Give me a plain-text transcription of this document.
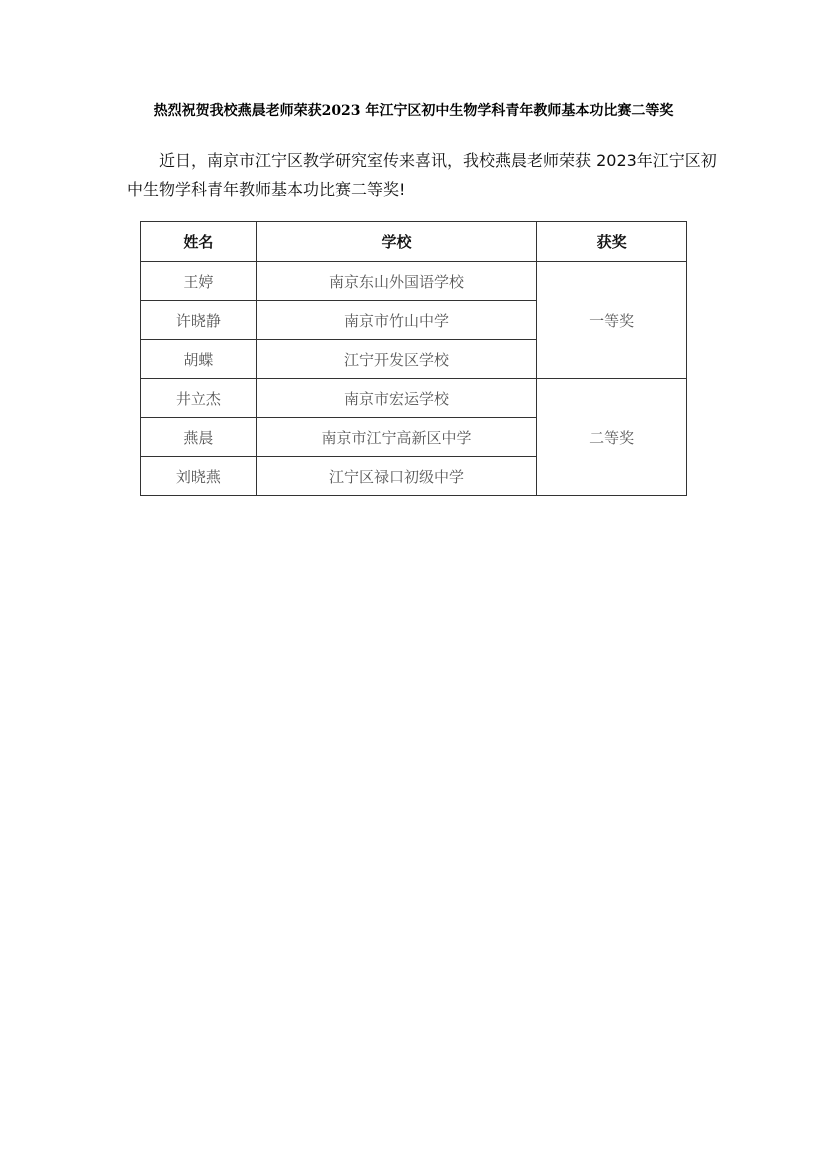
热烈祝贺我校燕晨老师荣获2023 年江宁区初中生物学科青年教师基本功比赛二等奖
近日，南京市江宁区教学研究室传来喜讯，我校燕晨老师荣获 2023年江宁区初中生物学科青年教师基本功比赛二等奖!
姓名	学校	获奖
王婷	南京东山外国语学校	一等奖
许晓静	南京市竹山中学	
胡蝶	江宁开发区学校	
井立杰	南京市宏运学校	二等奖
燕晨	南京市江宁高新区中学	
刘晓燕	江宁区禄口初级中学	
